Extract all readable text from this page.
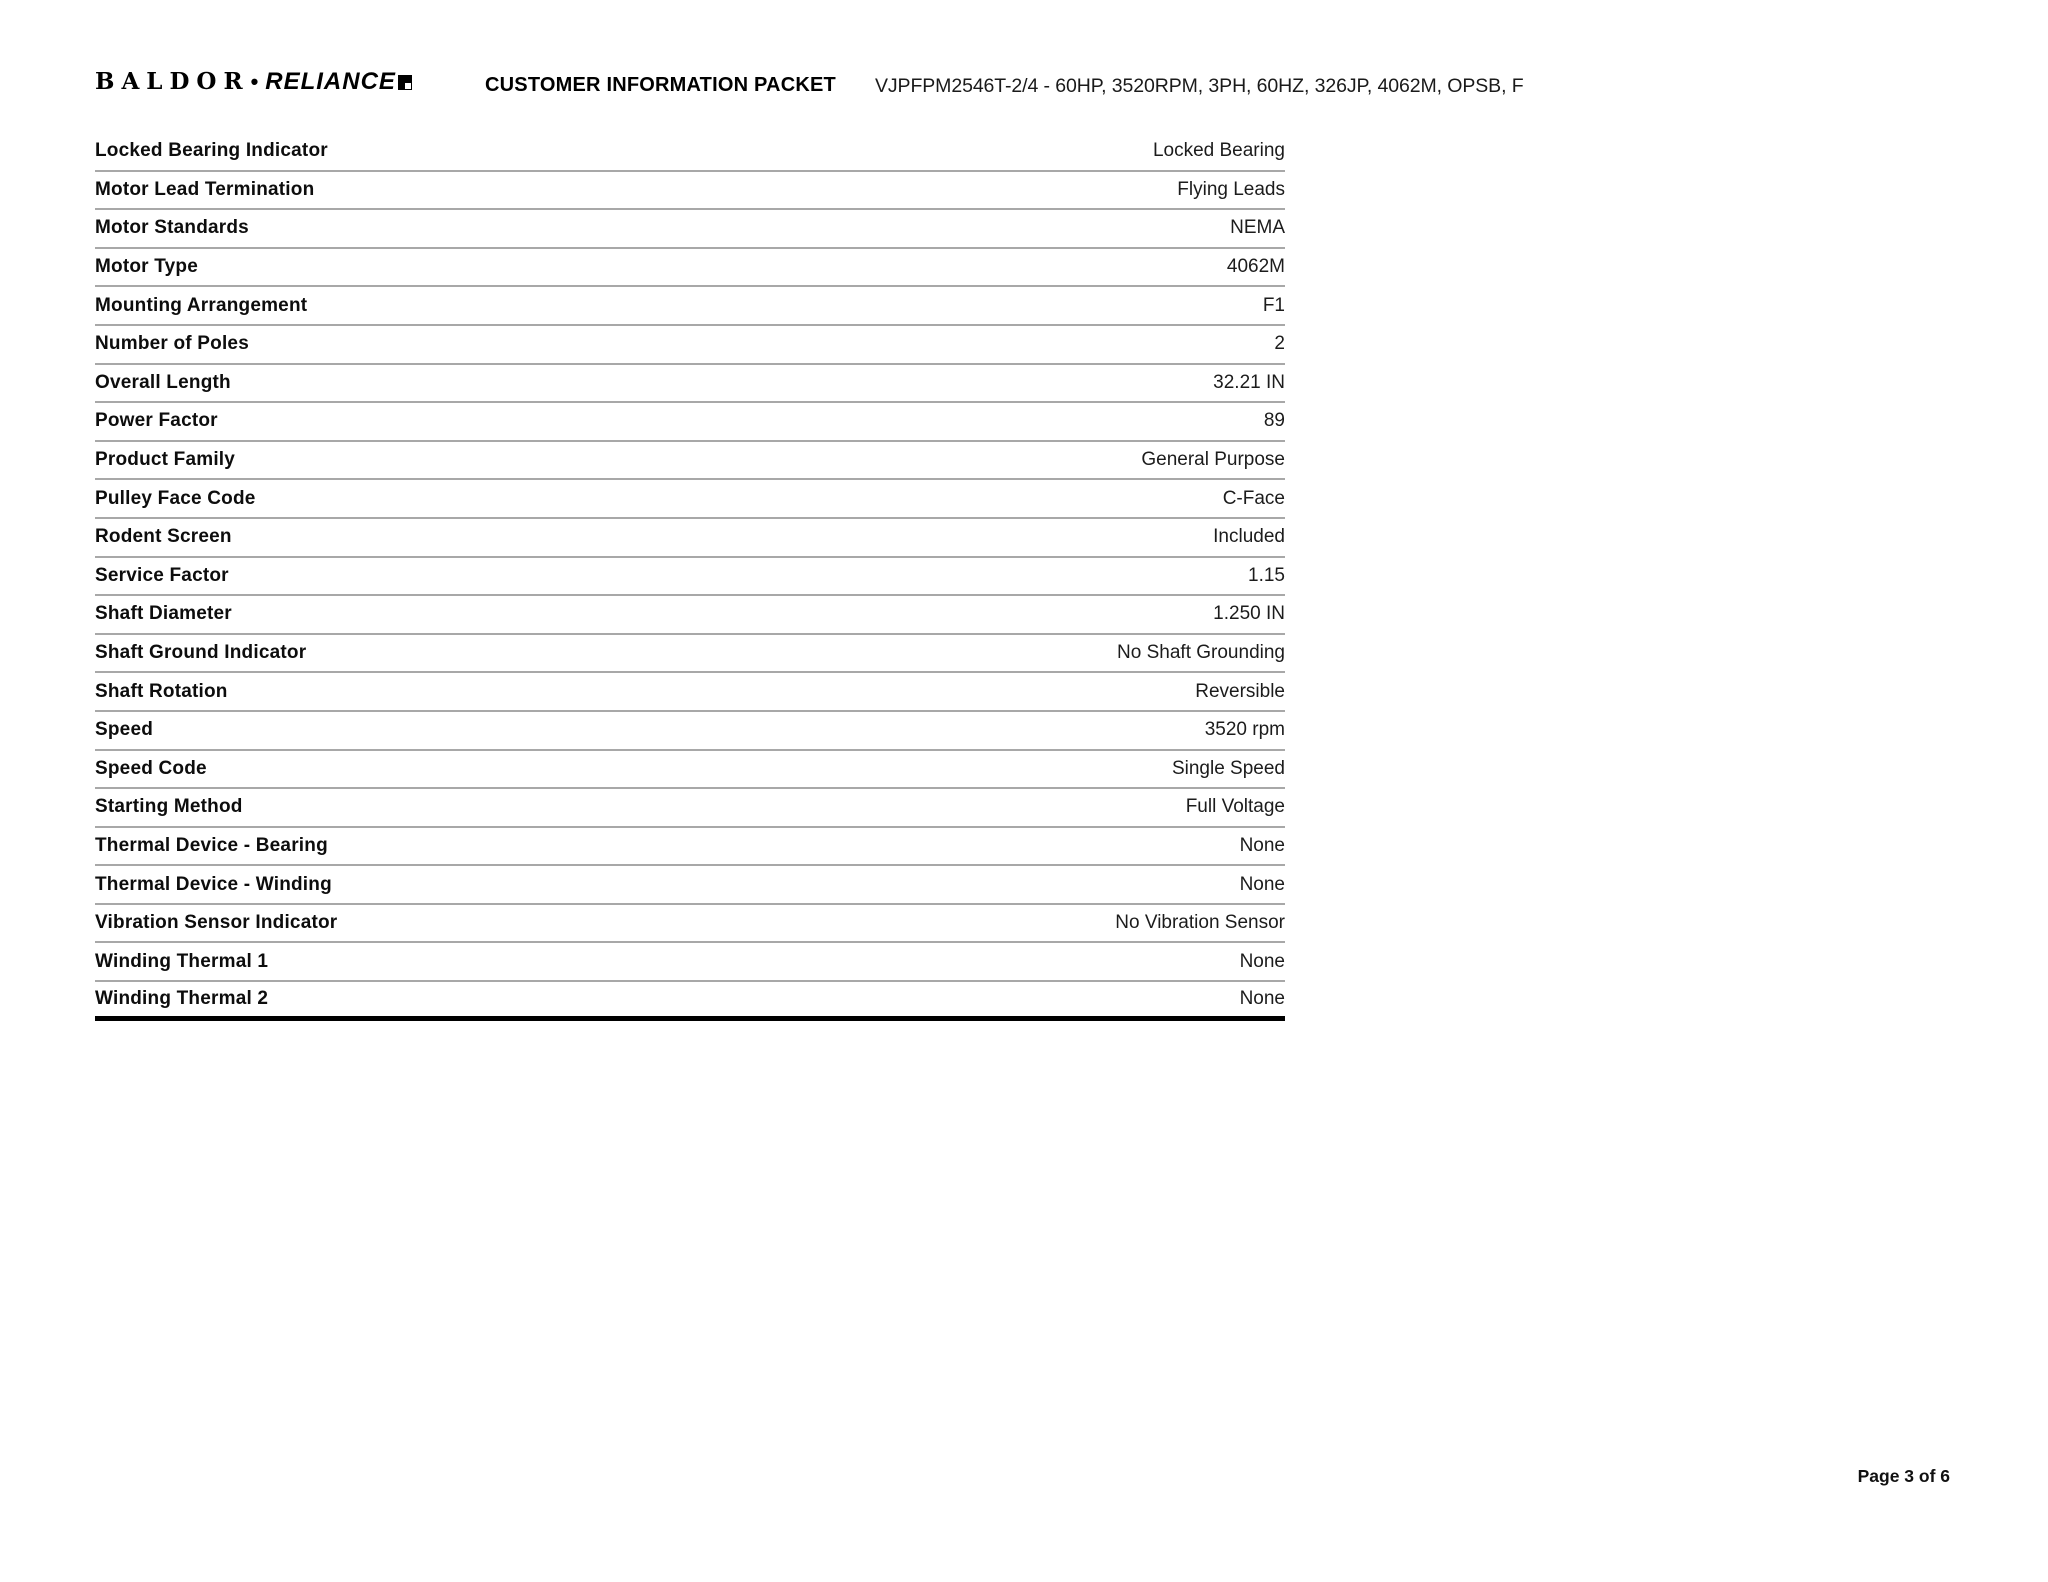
BALDOR • RELIANCE	CUSTOMER INFORMATION PACKET VJPFPM2546T-2/4 - 60HP, 3520RPM, 3PH, 60HZ, 326JP, 4062M, OPSB, F
Locked Bearing Indicator	Locked Bearing
Motor Lead Termination	Flying Leads
Motor Standards	NEMA
Motor Type	4062M
Mounting Arrangement	F1
Number of Poles	2
Overall Length	32.21 IN
Power Factor	89
Product Family	General Purpose
Pulley Face Code	C-Face
Rodent Screen	Included
Service Factor	1.15
Shaft Diameter	1.250 IN
Shaft Ground Indicator	No Shaft Grounding
Shaft Rotation	Reversible
Speed	3520 rpm
Speed Code	Single Speed
Starting Method	Full Voltage
Thermal Device - Bearing	None
Thermal Device - Winding	None
Vibration Sensor Indicator	No Vibration Sensor
Winding Thermal 1	None
Winding Thermal 2	None
Page 3 of 6
